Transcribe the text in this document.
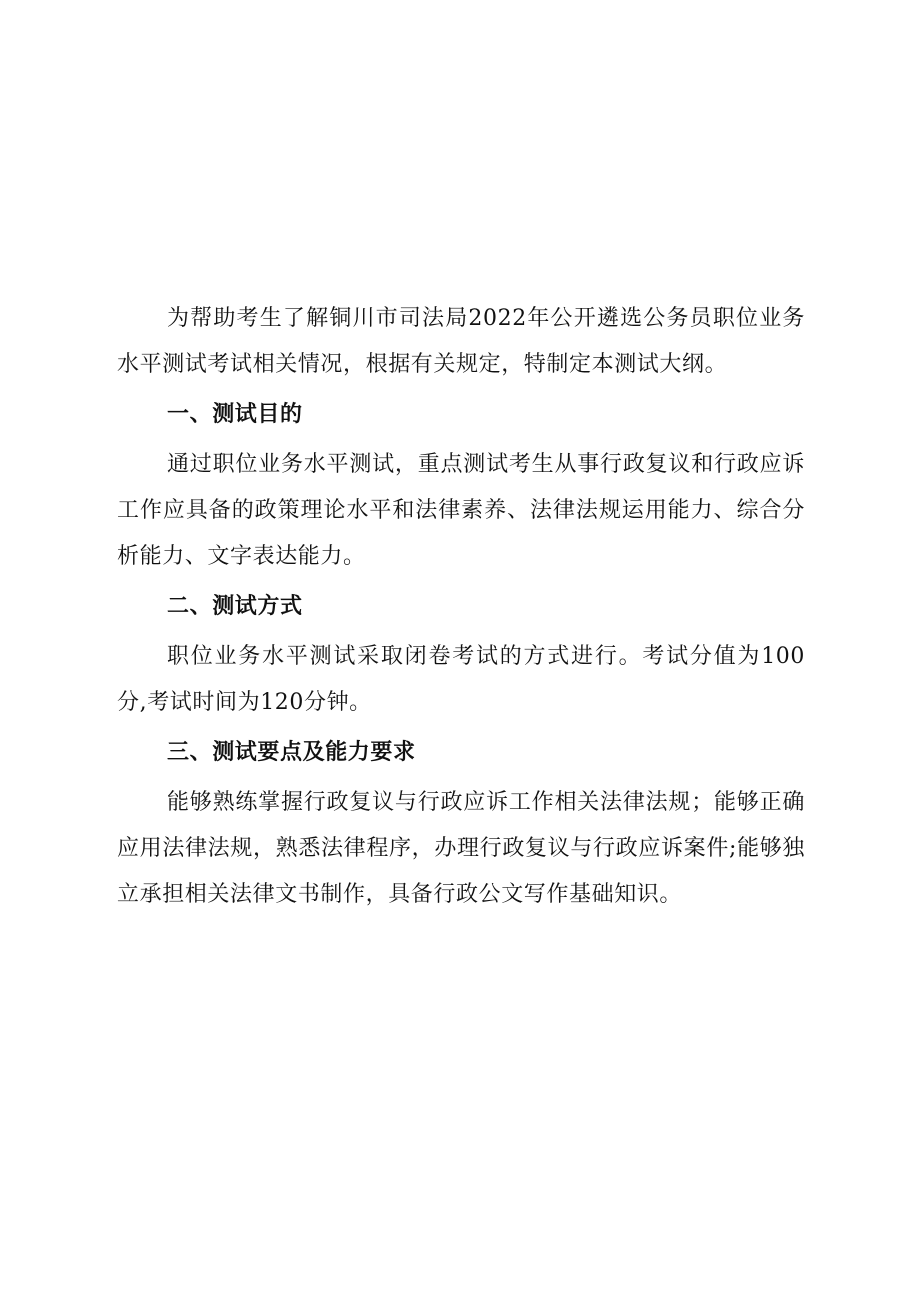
为帮助考生了解铜川市司法局2022年公开遴选公务员职位业务水平测试考试相关情况，根据有关规定，特制定本测试大纲。

一、测试目的

通过职位业务水平测试，重点测试考生从事行政复议和行政应诉工作应具备的政策理论水平和法律素养、法律法规运用能力、综合分析能力、文字表达能力。

二、测试方式

职位业务水平测试采取闭卷考试的方式进行。考试分值为100分,考试时间为120分钟。

三、测试要点及能力要求

能够熟练掌握行政复议与行政应诉工作相关法律法规；能够正确应用法律法规，熟悉法律程序，办理行政复议与行政应诉案件;能够独立承担相关法律文书制作，具备行政公文写作基础知识。
